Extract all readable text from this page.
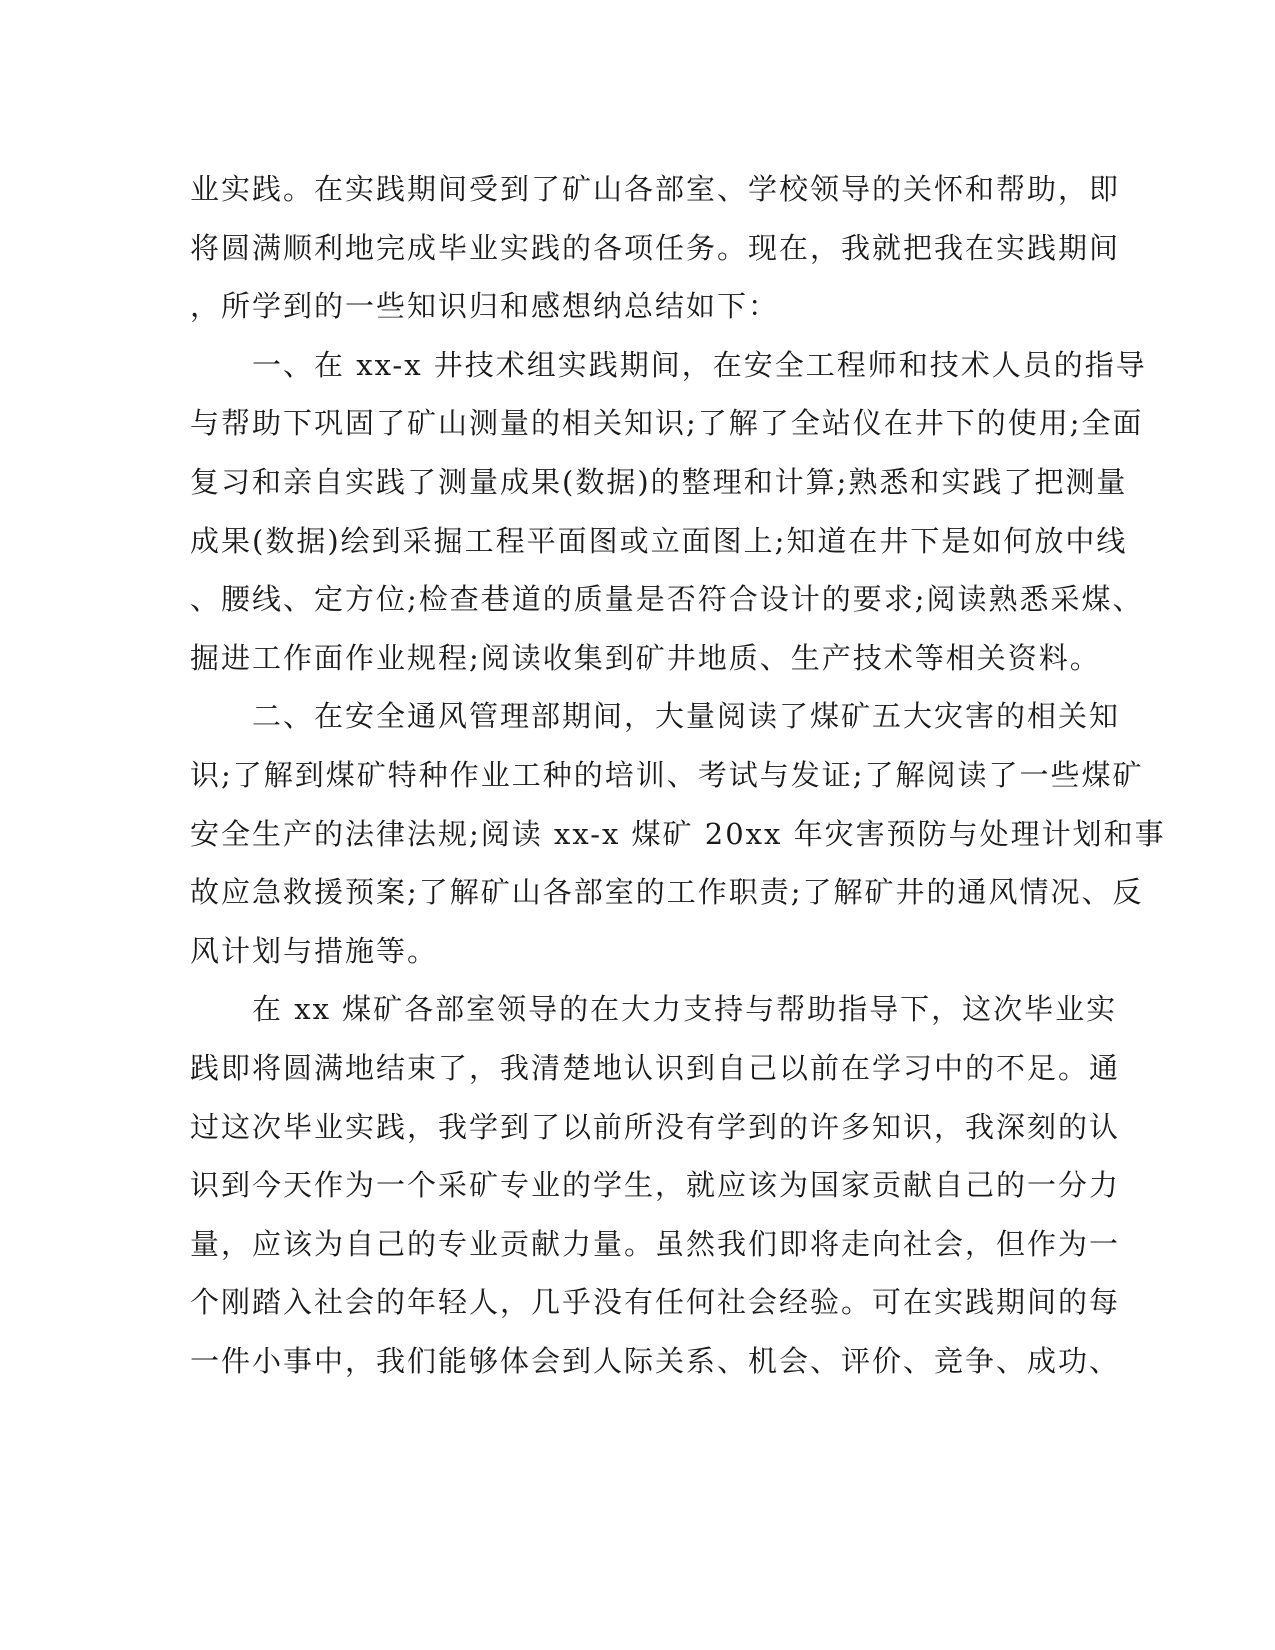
业实践。在实践期间受到了矿山各部室、学校领导的关怀和帮助，即
将圆满顺利地完成毕业实践的各项任务。现在，我就把我在实践期间
，所学到的一些知识归和感想纳总结如下：
一、在 xx-x 井技术组实践期间，在安全工程师和技术人员的指导
与帮助下巩固了矿山测量的相关知识;了解了全站仪在井下的使用;全面
复习和亲自实践了测量成果(数据)的整理和计算;熟悉和实践了把测量
成果(数据)绘到采掘工程平面图或立面图上;知道在井下是如何放中线
、腰线、定方位;检查巷道的质量是否符合设计的要求;阅读熟悉采煤、
掘进工作面作业规程;阅读收集到矿井地质、生产技术等相关资料。
二、在安全通风管理部期间，大量阅读了煤矿五大灾害的相关知
识;了解到煤矿特种作业工种的培训、考试与发证;了解阅读了一些煤矿
安全生产的法律法规;阅读 xx-x 煤矿 20xx 年灾害预防与处理计划和事
故应急救援预案;了解矿山各部室的工作职责;了解矿井的通风情况、反
风计划与措施等。
在 xx 煤矿各部室领导的在大力支持与帮助指导下，这次毕业实
践即将圆满地结束了，我清楚地认识到自己以前在学习中的不足。通
过这次毕业实践，我学到了以前所没有学到的许多知识，我深刻的认
识到今天作为一个采矿专业的学生，就应该为国家贡献自己的一分力
量，应该为自己的专业贡献力量。虽然我们即将走向社会，但作为一
个刚踏入社会的年轻人，几乎没有任何社会经验。可在实践期间的每
一件小事中，我们能够体会到人际关系、机会、评价、竞争、成功、
